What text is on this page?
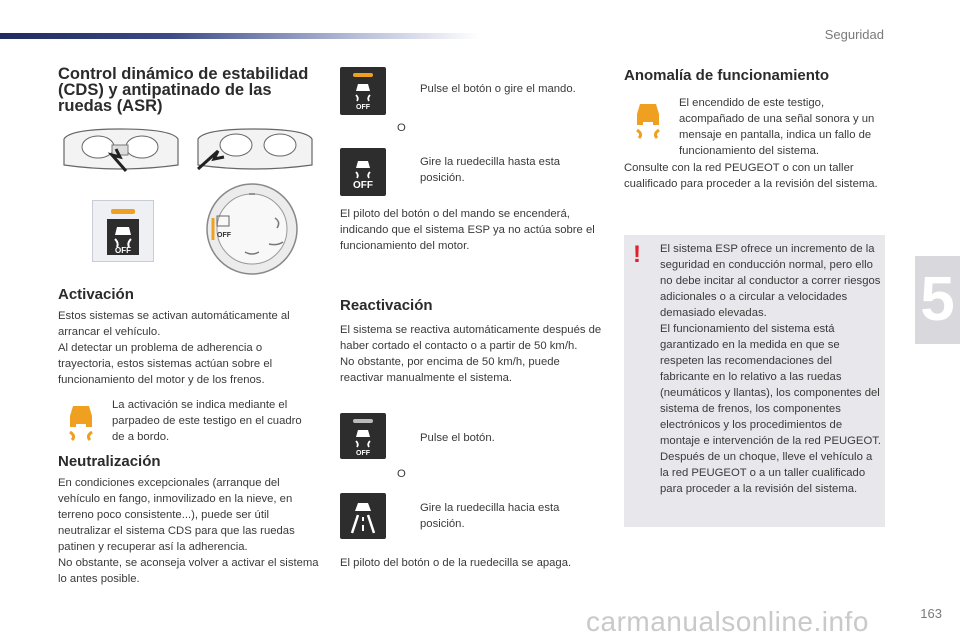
Seguridad
5
Control dinámico de estabilidad (CDS) y antipatinado de las ruedas (ASR)
OFF
OFF
Activación

Estos sistemas se activan automáticamente al arrancar el vehículo.
Al detectar un problema de adherencia o trayectoria, estos sistemas actúan sobre el funcionamiento del motor y de los frenos.

La activación se indica mediante el parpadeo de este testigo en el cuadro de a bordo.

Neutralización

En condiciones excepcionales (arranque del vehículo en fango, inmovilizado en la nieve, en terreno poco consistente...), puede ser útil neutralizar el sistema CDS para que las ruedas patinen y recuperar así la adherencia.
No obstante, se aconseja volver a activar el sistema lo antes posible.

OFF

Pulse el botón o gire el mando.

O

OFF

Gire la ruedecilla hasta esta posición.

El piloto del botón o del mando se encenderá, indicando que el sistema ESP ya no actúa sobre el funcionamiento del motor.

Reactivación

El sistema se reactiva automáticamente después de haber cortado el contacto o a partir de 50 km/h.
No obstante, por encima de 50 km/h, puede reactivar manualmente el sistema.

OFF

Pulse el botón.

O

Gire la ruedecilla hacia esta posición.

El piloto del botón o de la ruedecilla se apaga.

Anomalía de funcionamiento

El encendido de este testigo, acompañado de una señal sonora y un mensaje en pantalla, indica un fallo de funcionamiento del sistema.

Consulte con la red PEUGEOT o con un taller cualificado para proceder a la revisión del sistema.

! El sistema ESP ofrece un incremento de la seguridad en conducción normal, pero ello no debe incitar al conductor a correr riesgos adicionales o a circular a velocidades demasiado elevadas.
El funcionamiento del sistema está garantizado en la medida en que se respeten las recomendaciones del fabricante en lo relativo a las ruedas (neumáticos y llantas), los componentes del sistema de frenos, los componentes electrónicos y los procedimientos de montaje e intervención de la red PEUGEOT.
Después de un choque, lleve el vehículo a la red PEUGEOT o a un taller cualificado para proceder a la revisión del sistema.

carmanualsonline.info	163
